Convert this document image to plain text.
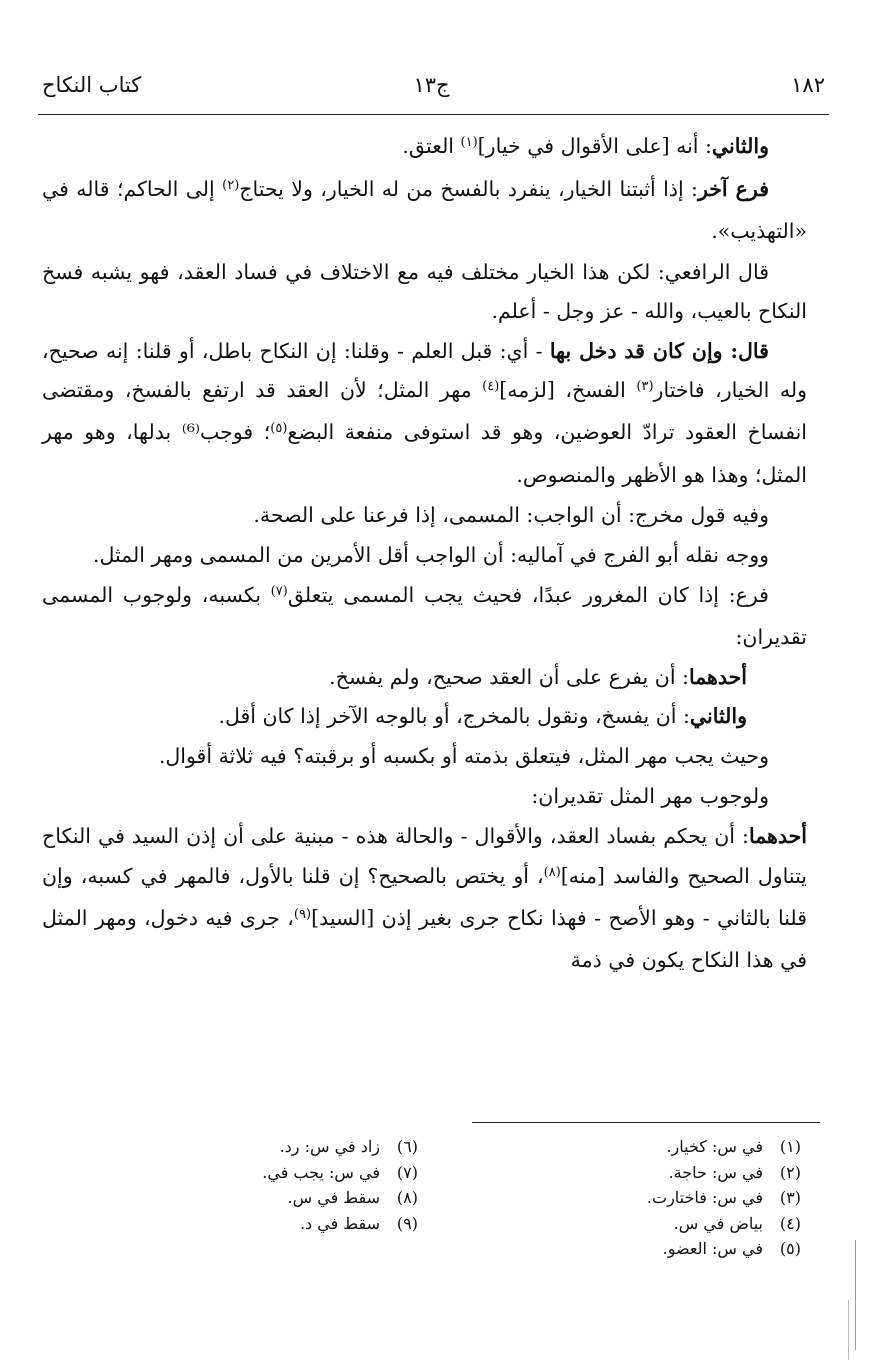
١٨٢
ج١٣
كتاب النكاح

والثاني: أنه [على الأقوال في خيار]$^{(١)}$ العتق.

فرع آخر: إذا أثبتنا الخيار، ينفرد بالفسخ من له الخيار، ولا يحتاج$^{(٢)}$ إلى الحاكم؛ قاله في «التهذيب».

قال الرافعي: لكن هذا الخيار مختلف فيه مع الاختلاف في فساد العقد، فهو يشبه فسخ النكاح بالعيب، والله - عز وجل - أعلم.

قال: وإن كان قد دخل بها - أي: قبل العلم - وقلنا: إن النكاح باطل، أو قلنا: إنه صحيح، وله الخيار، فاختار$^{(٣)}$ الفسخ، [لزمه]$^{(٤)}$ مهر المثل؛ لأن العقد قد ارتفع بالفسخ، ومقتضى انفساخ العقود ترادّ العوضين، وهو قد استوفى منفعة البضع$^{(٥)}$؛ فوجب⁽⁶⁾ بدلها، وهو مهر المثل؛ وهذا هو الأظهر والمنصوص.

وفيه قول مخرج: أن الواجب: المسمى، إذا فرعنا على الصحة.

ووجه نقله أبو الفرج في آماليه: أن الواجب أقل الأمرين من المسمى ومهر المثل.

فرع: إذا كان المغرور عبدًا، فحيث يجب المسمى يتعلق$^{(٧)}$ بكسبه، ولوجوب المسمى تقديران:

أحدهما: أن يفرع على أن العقد صحيح، ولم يفسخ.

والثاني: أن يفسخ، ونقول بالمخرج، أو بالوجه الآخر إذا كان أقل.

وحيث يجب مهر المثل، فيتعلق بذمته أو بكسبه أو برقبته؟ فيه ثلاثة أقوال.

ولوجوب مهر المثل تقديران:

أحدهما: أن يحكم بفساد العقد، والأقوال - والحالة هذه - مبنية على أن إذن السيد في النكاح يتناول الصحيح والفاسد [منه]$^{(٨)}$، أو يختص بالصحيح؟ إن قلنا بالأول، فالمهر في كسبه، وإن قلنا بالثاني - وهو الأصح - فهذا نكاح جرى بغير إذن [السيد]$^{(٩)}$، جرى فيه دخول، ومهر المثل في هذا النكاح يكون في ذمة

(١)في س: كخيار.
(٢)في س: حاجة.
(٣)في س: فاختارت.
(٤)بياض في س.
(٥)في س: العضو.
(٦)زاد في س: رد.
(٧)في س: يجب في.
(٨)سقط في س.
(٩)سقط في د.
